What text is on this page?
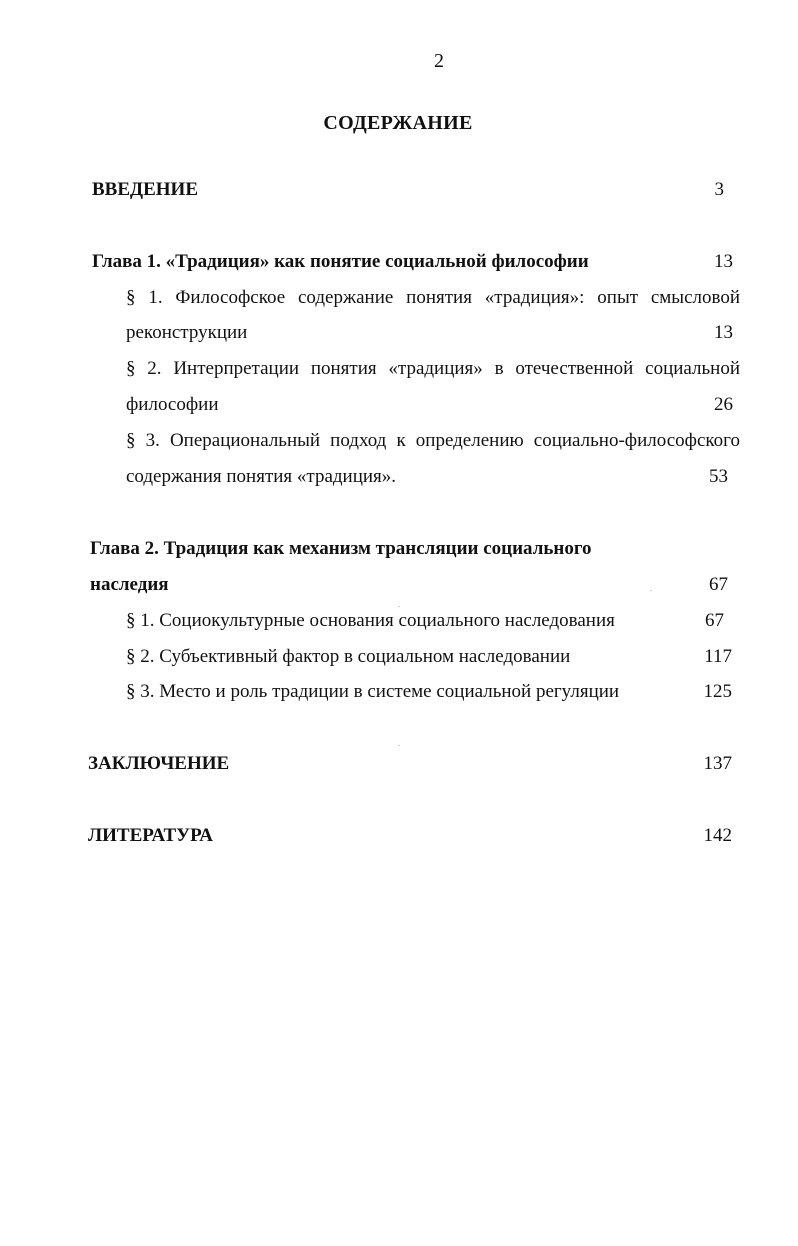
2
СОДЕРЖАНИЕ
ВВЕДЕНИЕ	3
Глава 1. «Традиция» как понятие социальной философии	13
§ 1. Философское содержание понятия «традиция»: опыт смысловой
реконструкции	13
§ 2. Интерпретации понятия «традиция» в отечественной социальной
философии	26
§ 3. Операциональный подход к определению социально-философского
содержания понятия «традиция».	53
Глава 2. Традиция как механизм трансляции социального
наследия	67
§ 1. Социокультурные основания социального наследования	67
§ 2. Субъективный фактор в социальном наследовании	117
§ 3. Место и роль традиции в системе социальной регуляции	125
ЗАКЛЮЧЕНИЕ	137
ЛИТЕРАТУРА	142
